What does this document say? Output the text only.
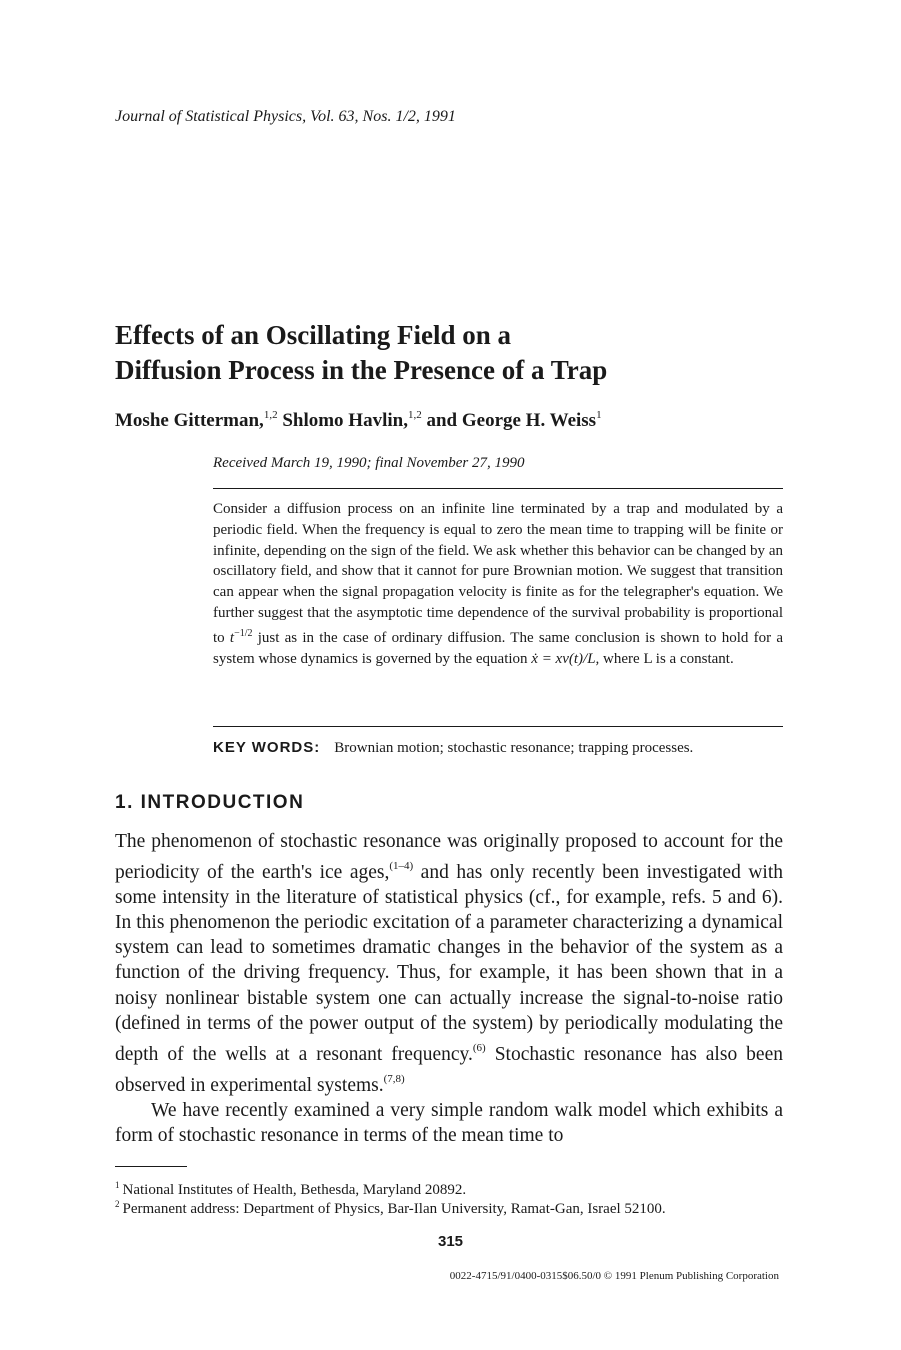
Journal of Statistical Physics, Vol. 63, Nos. 1/2, 1991
Effects of an Oscillating Field on a
Diffusion Process in the Presence of a Trap
Moshe Gitterman,$^{1,2}$ Shlomo Havlin,$^{1,2}$ and George H. Weiss$^1$
Received March 19, 1990; final November 27, 1990

Consider a diffusion process on an infinite line terminated by a trap and modulated by a periodic field. When the frequency is equal to zero the mean time to trapping will be finite or infinite, depending on the sign of the field. We ask whether this behavior can be changed by an oscillatory field, and show that it cannot for pure Brownian motion. We suggest that transition can appear when the signal propagation velocity is finite as for the telegrapher's equation. We further suggest that the asymptotic time dependence of the survival probability is proportional to $t^{-1/2}$ just as in the case of ordinary diffusion. The same conclusion is shown to hold for a system whose dynamics is governed by the equation ẋ = xv(t)/L, where L is a constant.

KEY WORDS: Brownian motion; stochastic resonance; trapping processes.
1. INTRODUCTION

The phenomenon of stochastic resonance was originally proposed to account for the periodicity of the earth's ice ages,$^{(1-4)}$ and has only recently been investigated with some intensity in the literature of statistical physics (cf., for example, refs. 5 and 6). In this phenomenon the periodic excitation of a parameter characterizing a dynamical system can lead to sometimes dramatic changes in the behavior of the system as a function of the driving frequency. Thus, for example, it has been shown that in a noisy nonlinear bistable system one can actually increase the signal-to-noise ratio (defined in terms of the power output of the system) by periodically modulating the depth of the wells at a resonant frequency.$^{(6)}$ Stochastic resonance has also been observed in experimental systems.$^{(7,8)}$

We have recently examined a very simple random walk model which exhibits a form of stochastic resonance in terms of the mean time to

$^1$ National Institutes of Health, Bethesda, Maryland 20892.
$^2$ Permanent address: Department of Physics, Bar-Ilan University, Ramat-Gan, Israel 52100.
315
0022-4715/91/0400-0315$06.50/0 © 1991 Plenum Publishing Corporation
